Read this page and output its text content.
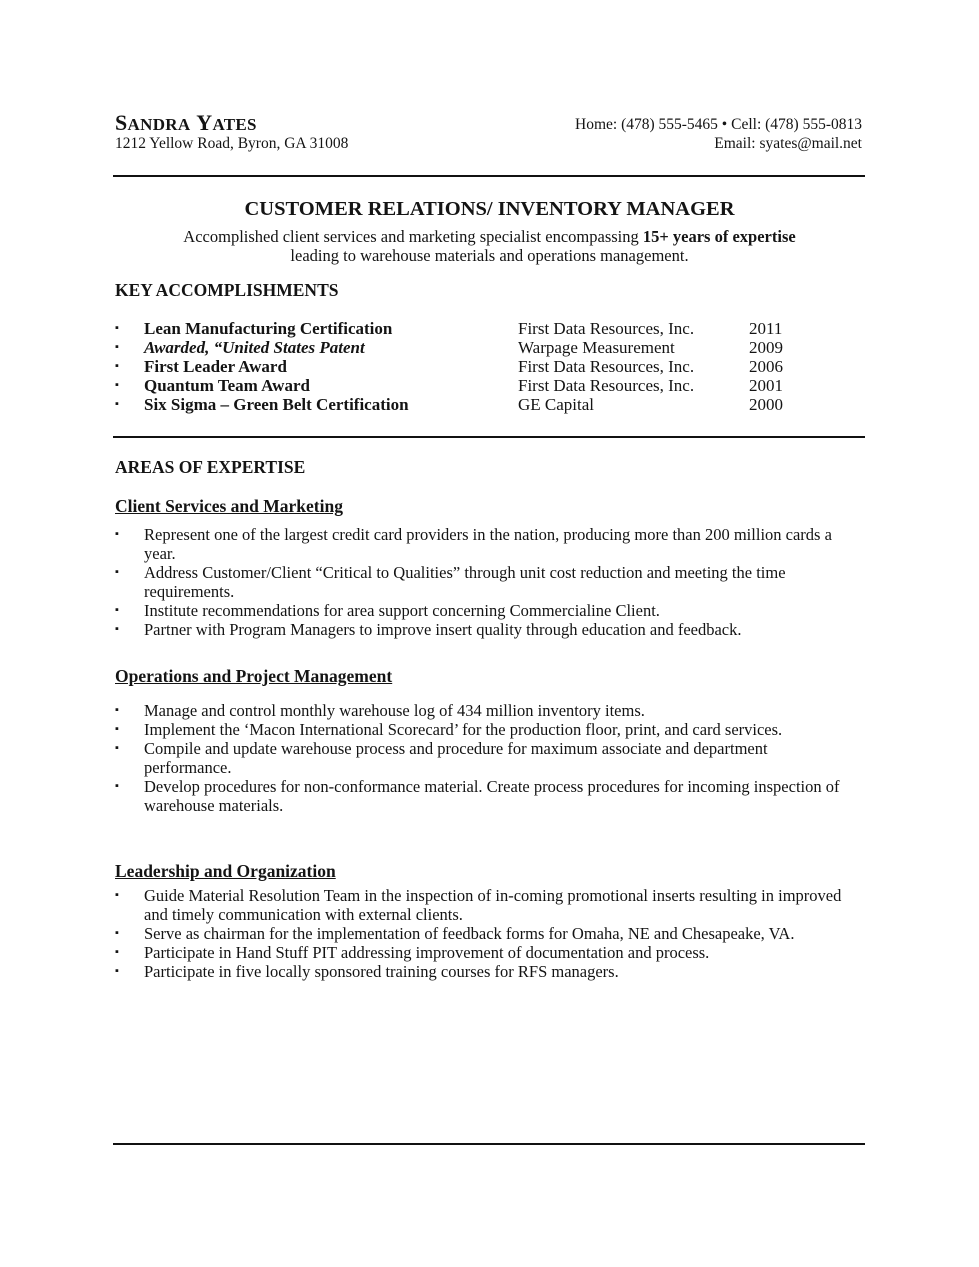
SANDRA YATES
1212 Yellow Road, Byron, GA 31008
Home: (478) 555-5465 • Cell: (478) 555-0813
Email: syates@mail.net
CUSTOMER RELATIONS/ INVENTORY MANAGER
Accomplished client services and marketing specialist encompassing 15+ years of expertise
leading to warehouse materials and operations management.
KEY ACCOMPLISHMENTS
▪ Lean Manufacturing Certification	First Data Resources, Inc.	2011
▪ Awarded, “United States Patent	Warpage Measurement	2009
▪ First Leader Award	First Data Resources, Inc.	2006
▪ Quantum Team Award	First Data Resources, Inc.	2001
▪ Six Sigma – Green Belt Certification	GE Capital	2000
AREAS OF EXPERTISE
Client Services and Marketing
▪ Represent one of the largest credit card providers in the nation, producing more than 200 million cards a year.
▪ Address Customer/Client “Critical to Qualities” through unit cost reduction and meeting the time requirements.
▪ Institute recommendations for area support concerning Commercialine Client.
▪ Partner with Program Managers to improve insert quality through education and feedback.
Operations and Project Management
▪ Manage and control monthly warehouse log of 434 million inventory items.
▪ Implement the ‘Macon International Scorecard’ for the production floor, print, and card services.
▪ Compile and update warehouse process and procedure for maximum associate and department performance.
▪ Develop procedures for non-conformance material. Create process procedures for incoming inspection of warehouse materials.
Leadership and Organization
▪ Guide Material Resolution Team in the inspection of in-coming promotional inserts resulting in improved and timely communication with external clients.
▪ Serve as chairman for the implementation of feedback forms for Omaha, NE and Chesapeake, VA.
▪ Participate in Hand Stuff PIT addressing improvement of documentation and process.
▪ Participate in five locally sponsored training courses for RFS managers.
